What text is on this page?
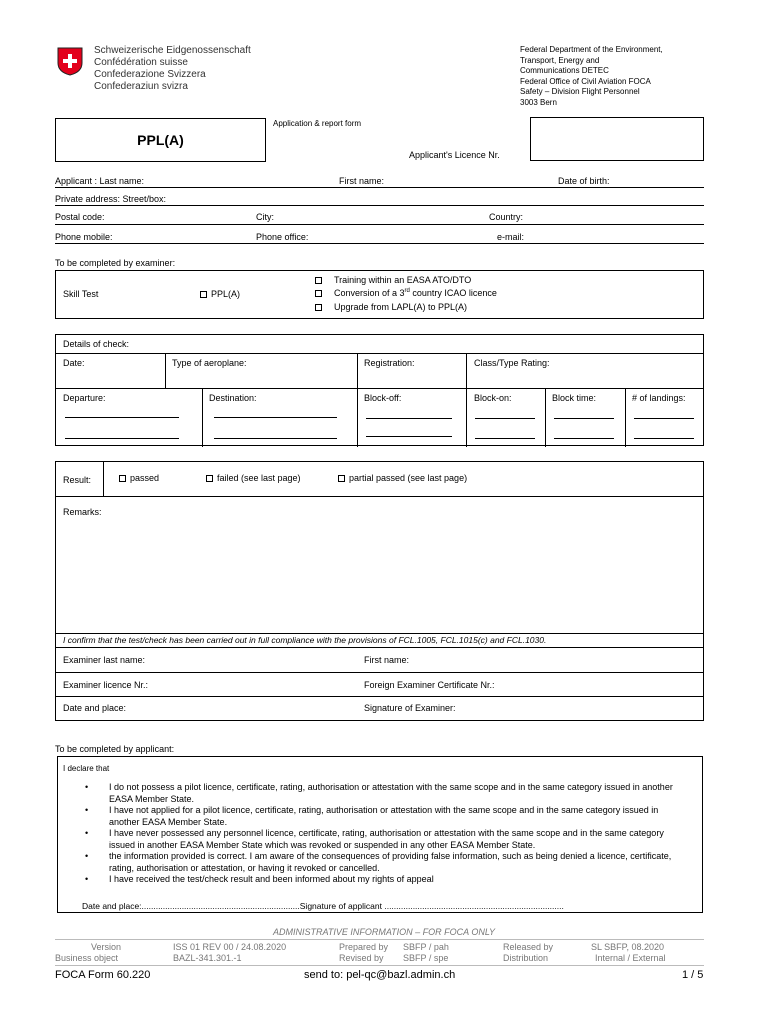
Schweizerische Eidgenossenschaft
Confédération suisse
Confederazione Svizzera
Confederaziun svizra
Federal Department of the Environment,
Transport, Energy and
Communications DETEC
Federal Office of Civil Aviation FOCA
Safety – Division Flight Personnel
3003 Bern
PPL(A)
Application & report form
Applicant's Licence Nr.
Applicant : Last name:	First name:	Date of birth:
Private address: Street/box:
Postal code:	City:	Country:
Phone mobile:	Phone office:	e-mail:
To be completed by examiner:
Skill Test	PPL(A)
Training within an EASA ATO/DTO
Conversion of a 3rd country ICAO licence
Upgrade from LAPL(A) to PPL(A)
Details of check:
Date:	Type of aeroplane:	Registration:	Class/Type Rating:
Departure:	Destination:	Block-off:	Block-on:	Block time:	# of landings:
Result:	passed	failed (see last page)	partial passed (see last page)
Remarks:
I confirm that the test/check has been carried out in full compliance with the provisions of FCL.1005, FCL.1015(c) and FCL.1030.
Examiner last name:	First name:
Examiner licence Nr.:	Foreign Examiner Certificate Nr.:
Date and place:	Signature of Examiner:
To be completed by applicant:
I declare that
• I do not possess a pilot licence, certificate, rating, authorisation or attestation with the same scope and in the same category issued in another EASA Member State.
• I have not applied for a pilot licence, certificate, rating, authorisation or attestation with the same scope and in the same category issued in another EASA Member State.
• I have never possessed any personnel licence, certificate, rating, authorisation or attestation with the same scope and in the same category issued in another EASA Member State which was revoked or suspended in any other EASA Member State.
• the information provided is correct. I am aware of the consequences of providing false information, such as being denied a licence, certificate, rating, authorisation or attestation, or having it revoked or cancelled.
• I have received the test/check result and been informed about my rights of appeal
Date and place:...................................................................Signature of applicant ............................................................................
ADMINISTRATIVE INFORMATION – FOR FOCA ONLY
Version	ISS 01 REV 00 / 24.08.2020	Prepared by SBFP / pah	Released by	SL SBFP, 08.2020
Business object	BAZL-341.301.-1	Revised by SBFP / spe	Distribution	Internal / External
FOCA Form 60.220	send to: pel-qc@bazl.admin.ch	1 / 5
